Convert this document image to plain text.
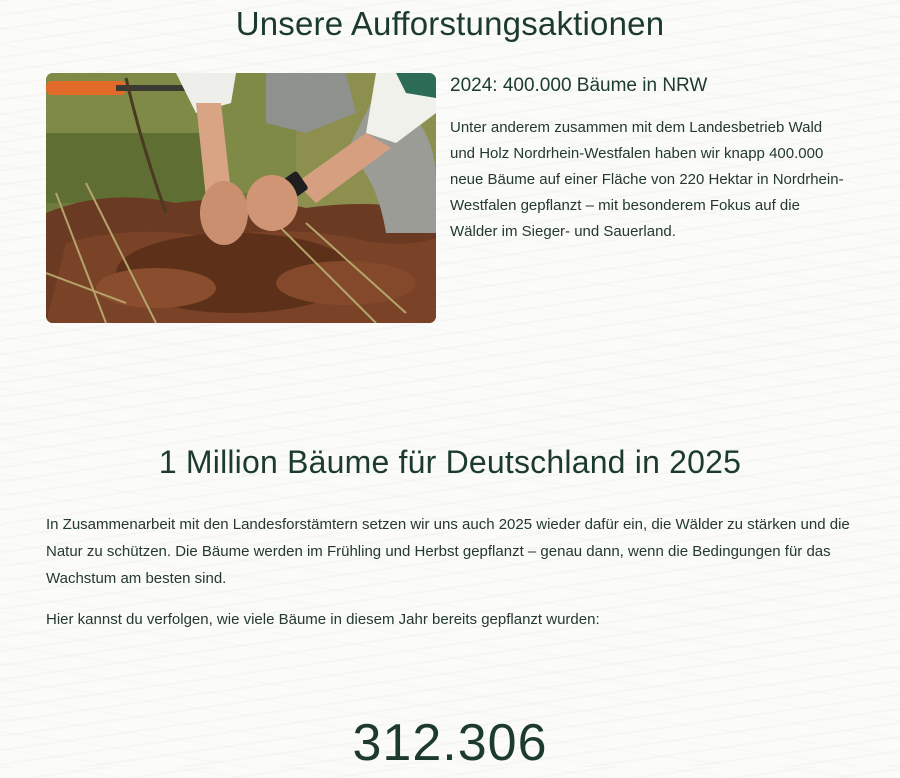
Unsere Aufforstungsaktionen
2024: 400.000 Bäume in NRW

Unter anderem zusammen mit dem Landesbetrieb Wald und Holz Nordrhein-Westfalen haben wir knapp 400.000 neue Bäume auf einer Fläche von 220 Hektar in Nordrhein-Westfalen gepflanzt – mit besonderem Fokus auf die Wälder im Sieger- und Sauerland.

1 Million Bäume für Deutschland in 2025

In Zusammenarbeit mit den Landesforstämtern setzen wir uns auch 2025 wieder dafür ein, die Wälder zu stärken und die Natur zu schützen. Die Bäume werden im Frühling und Herbst gepflanzt – genau dann, wenn die Bedingungen für das Wachstum am besten sind.

Hier kannst du verfolgen, wie viele Bäume in diesem Jahr bereits gepflanzt wurden:

312.306
